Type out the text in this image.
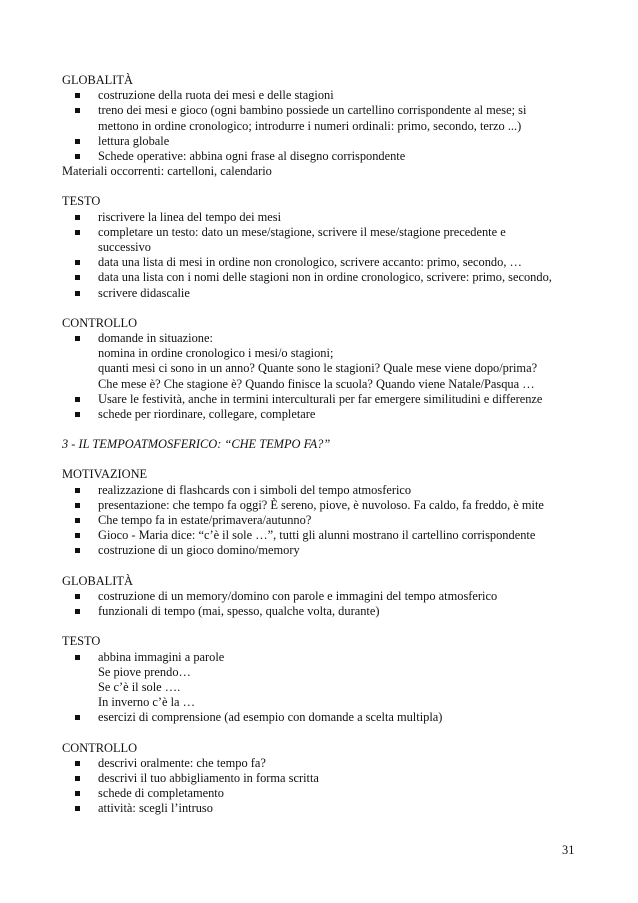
GLOBALITÀ
costruzione della ruota dei mesi e delle stagioni
treno dei mesi e gioco (ogni bambino possiede un cartellino corrispondente al mese; si
mettono in ordine cronologico; introdurre i numeri ordinali: primo, secondo, terzo ...)
lettura globale
Schede operative: abbina ogni frase al disegno corrispondente
Materiali occorrenti: cartelloni, calendario
TESTO
riscrivere la linea del tempo dei mesi
completare un testo: dato un mese/stagione, scrivere il mese/stagione precedente e
successivo
data una lista di mesi in ordine non cronologico, scrivere accanto: primo, secondo, …
data una lista con i nomi delle stagioni non in ordine cronologico, scrivere: primo, secondo,
scrivere didascalie
CONTROLLO
domande in situazione:
nomina in ordine cronologico i mesi/o stagioni;
quanti mesi ci sono in un anno? Quante sono le stagioni? Quale mese viene dopo/prima?
Che mese è? Che stagione è? Quando finisce la scuola? Quando viene Natale/Pasqua …
Usare le festività, anche in termini interculturali per far emergere similitudini e differenze
schede per riordinare, collegare, completare
3 - IL TEMPOATMOSFERICO: “CHE TEMPO FA?”
MOTIVAZIONE
realizzazione di flashcards con i simboli del tempo atmosferico
presentazione: che tempo fa oggi? È sereno, piove, è nuvoloso. Fa caldo, fa freddo, è mite
Che tempo fa in estate/primavera/autunno?
Gioco - Maria dice: “c’è il sole …”, tutti gli alunni mostrano il cartellino corrispondente
costruzione di un gioco domino/memory
GLOBALITÀ
costruzione di un memory/domino con parole e immagini del tempo atmosferico
funzionali di tempo (mai, spesso, qualche volta, durante)
TESTO
abbina immagini a parole
Se piove prendo…
Se c’è il sole ….
In inverno c’è la …
esercizi di comprensione (ad esempio con domande a scelta multipla)
CONTROLLO
descrivi oralmente: che tempo fa?
descrivi il tuo abbigliamento in forma scritta
schede di completamento
attività: scegli l’intruso
31
